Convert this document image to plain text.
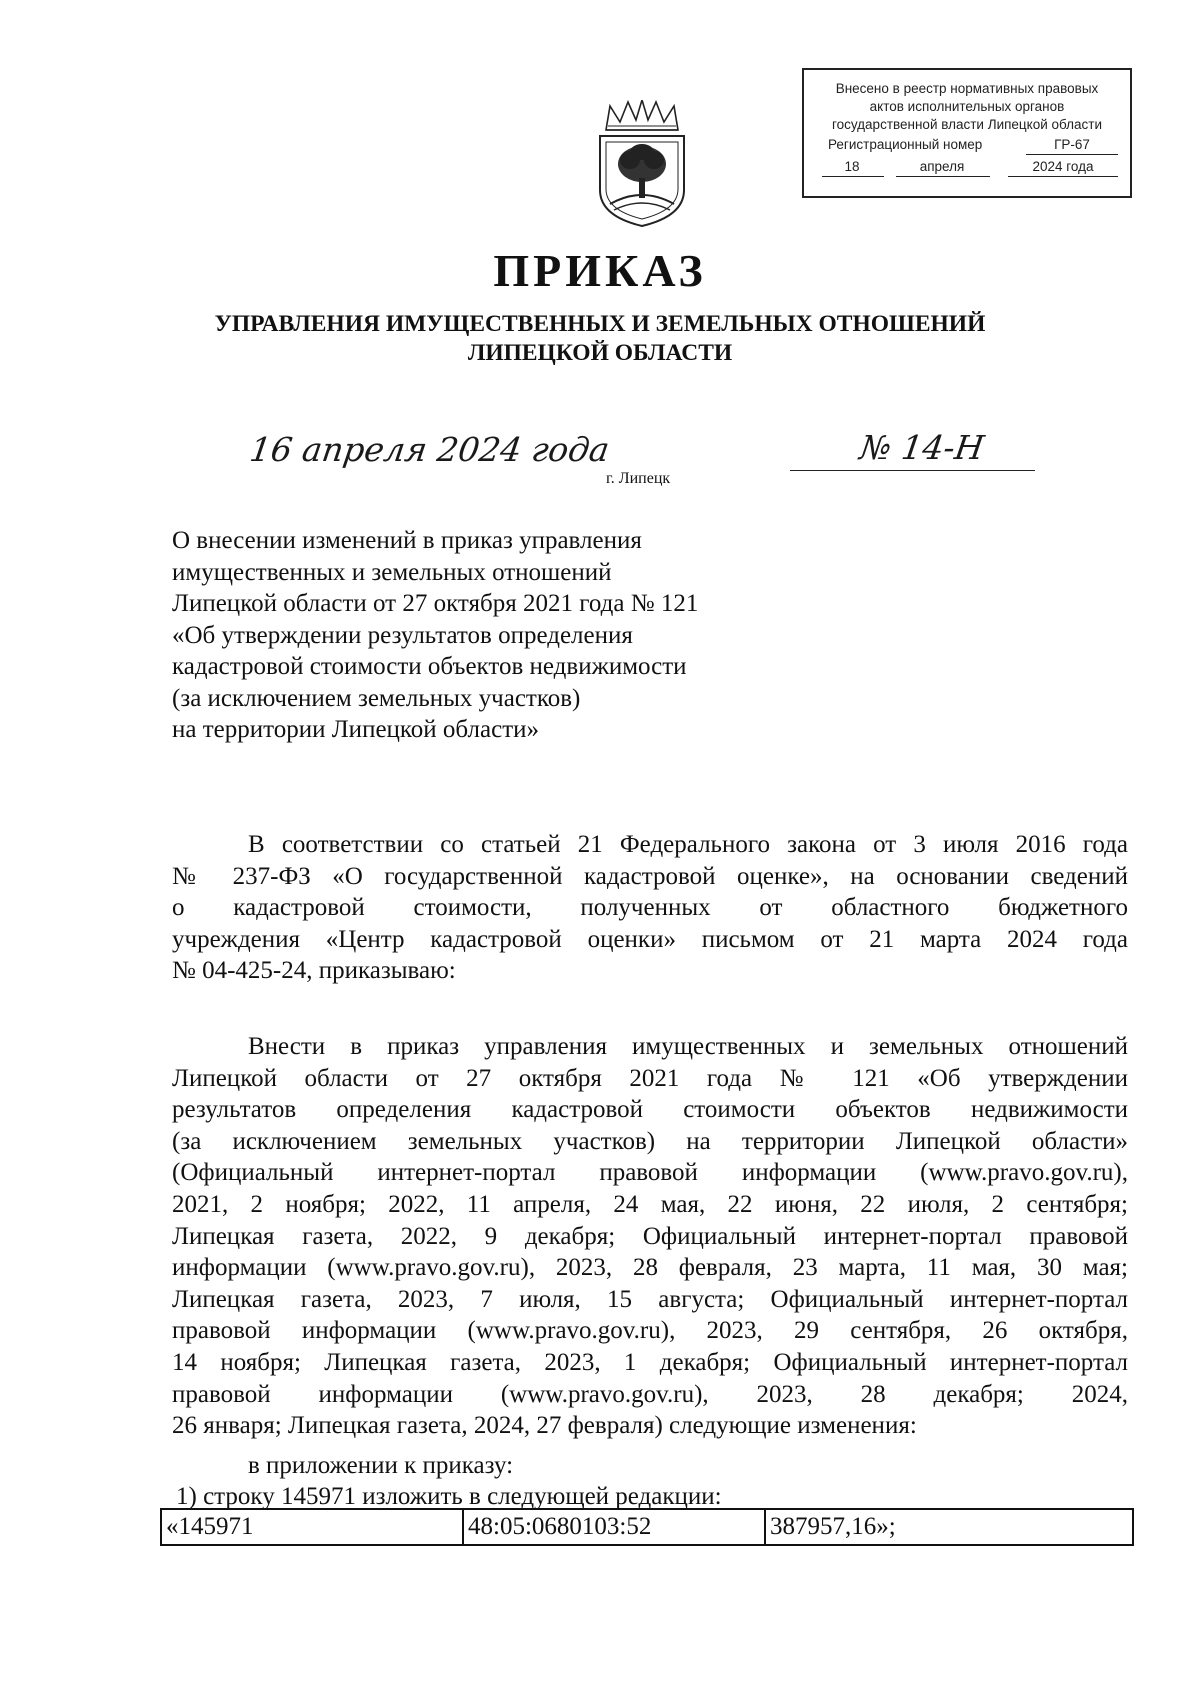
Внесено в реестр нормативных правовых
актов исполнительных органов
государственной власти Липецкой области
Регистрационный номер	ГР-67
18	апреля	2024 года
ПРИКАЗ
УПРАВЛЕНИЯ ИМУЩЕСТВЕННЫХ И ЗЕМЕЛЬНЫХ ОТНОШЕНИЙ
ЛИПЕЦКОЙ ОБЛАСТИ
16 апреля 2024 года	№ 14-Н
г. Липецк
О внесении изменений в приказ управления
имущественных и земельных отношений
Липецкой области от 27 октября 2021 года № 121
«Об утверждении результатов определения
кадастровой стоимости объектов недвижимости
(за исключением земельных участков)
на территории Липецкой области»
В соответствии со статьей 21 Федерального закона от 3 июля 2016 года
№ 237-ФЗ «О государственной кадастровой оценке», на основании сведений
о кадастровой стоимости, полученных от областного бюджетного
учреждения «Центр кадастровой оценки» письмом от 21 марта 2024 года
№ 04-425-24, приказываю:
Внести в приказ управления имущественных и земельных отношений
Липецкой области от 27 октября 2021 года № 121 «Об утверждении
результатов определения кадастровой стоимости объектов недвижимости
(за исключением земельных участков) на территории Липецкой области»
(Официальный интернет-портал правовой информации (www.pravo.gov.ru),
2021, 2 ноября; 2022, 11 апреля, 24 мая, 22 июня, 22 июля, 2 сентября;
Липецкая газета, 2022, 9 декабря; Официальный интернет-портал правовой
информации (www.pravo.gov.ru), 2023, 28 февраля, 23 марта, 11 мая, 30 мая;
Липецкая газета, 2023, 7 июля, 15 августа; Официальный интернет-портал
правовой информации (www.pravo.gov.ru), 2023, 29 сентября, 26 октября,
14 ноября; Липецкая газета, 2023, 1 декабря; Официальный интернет-портал
правовой информации (www.pravo.gov.ru), 2023, 28 декабря; 2024,
26 января; Липецкая газета, 2024, 27 февраля) следующие изменения:
в приложении к приказу:
1) строку 145971 изложить в следующей редакции:
«145971	48:05:0680103:52	387957,16»;
